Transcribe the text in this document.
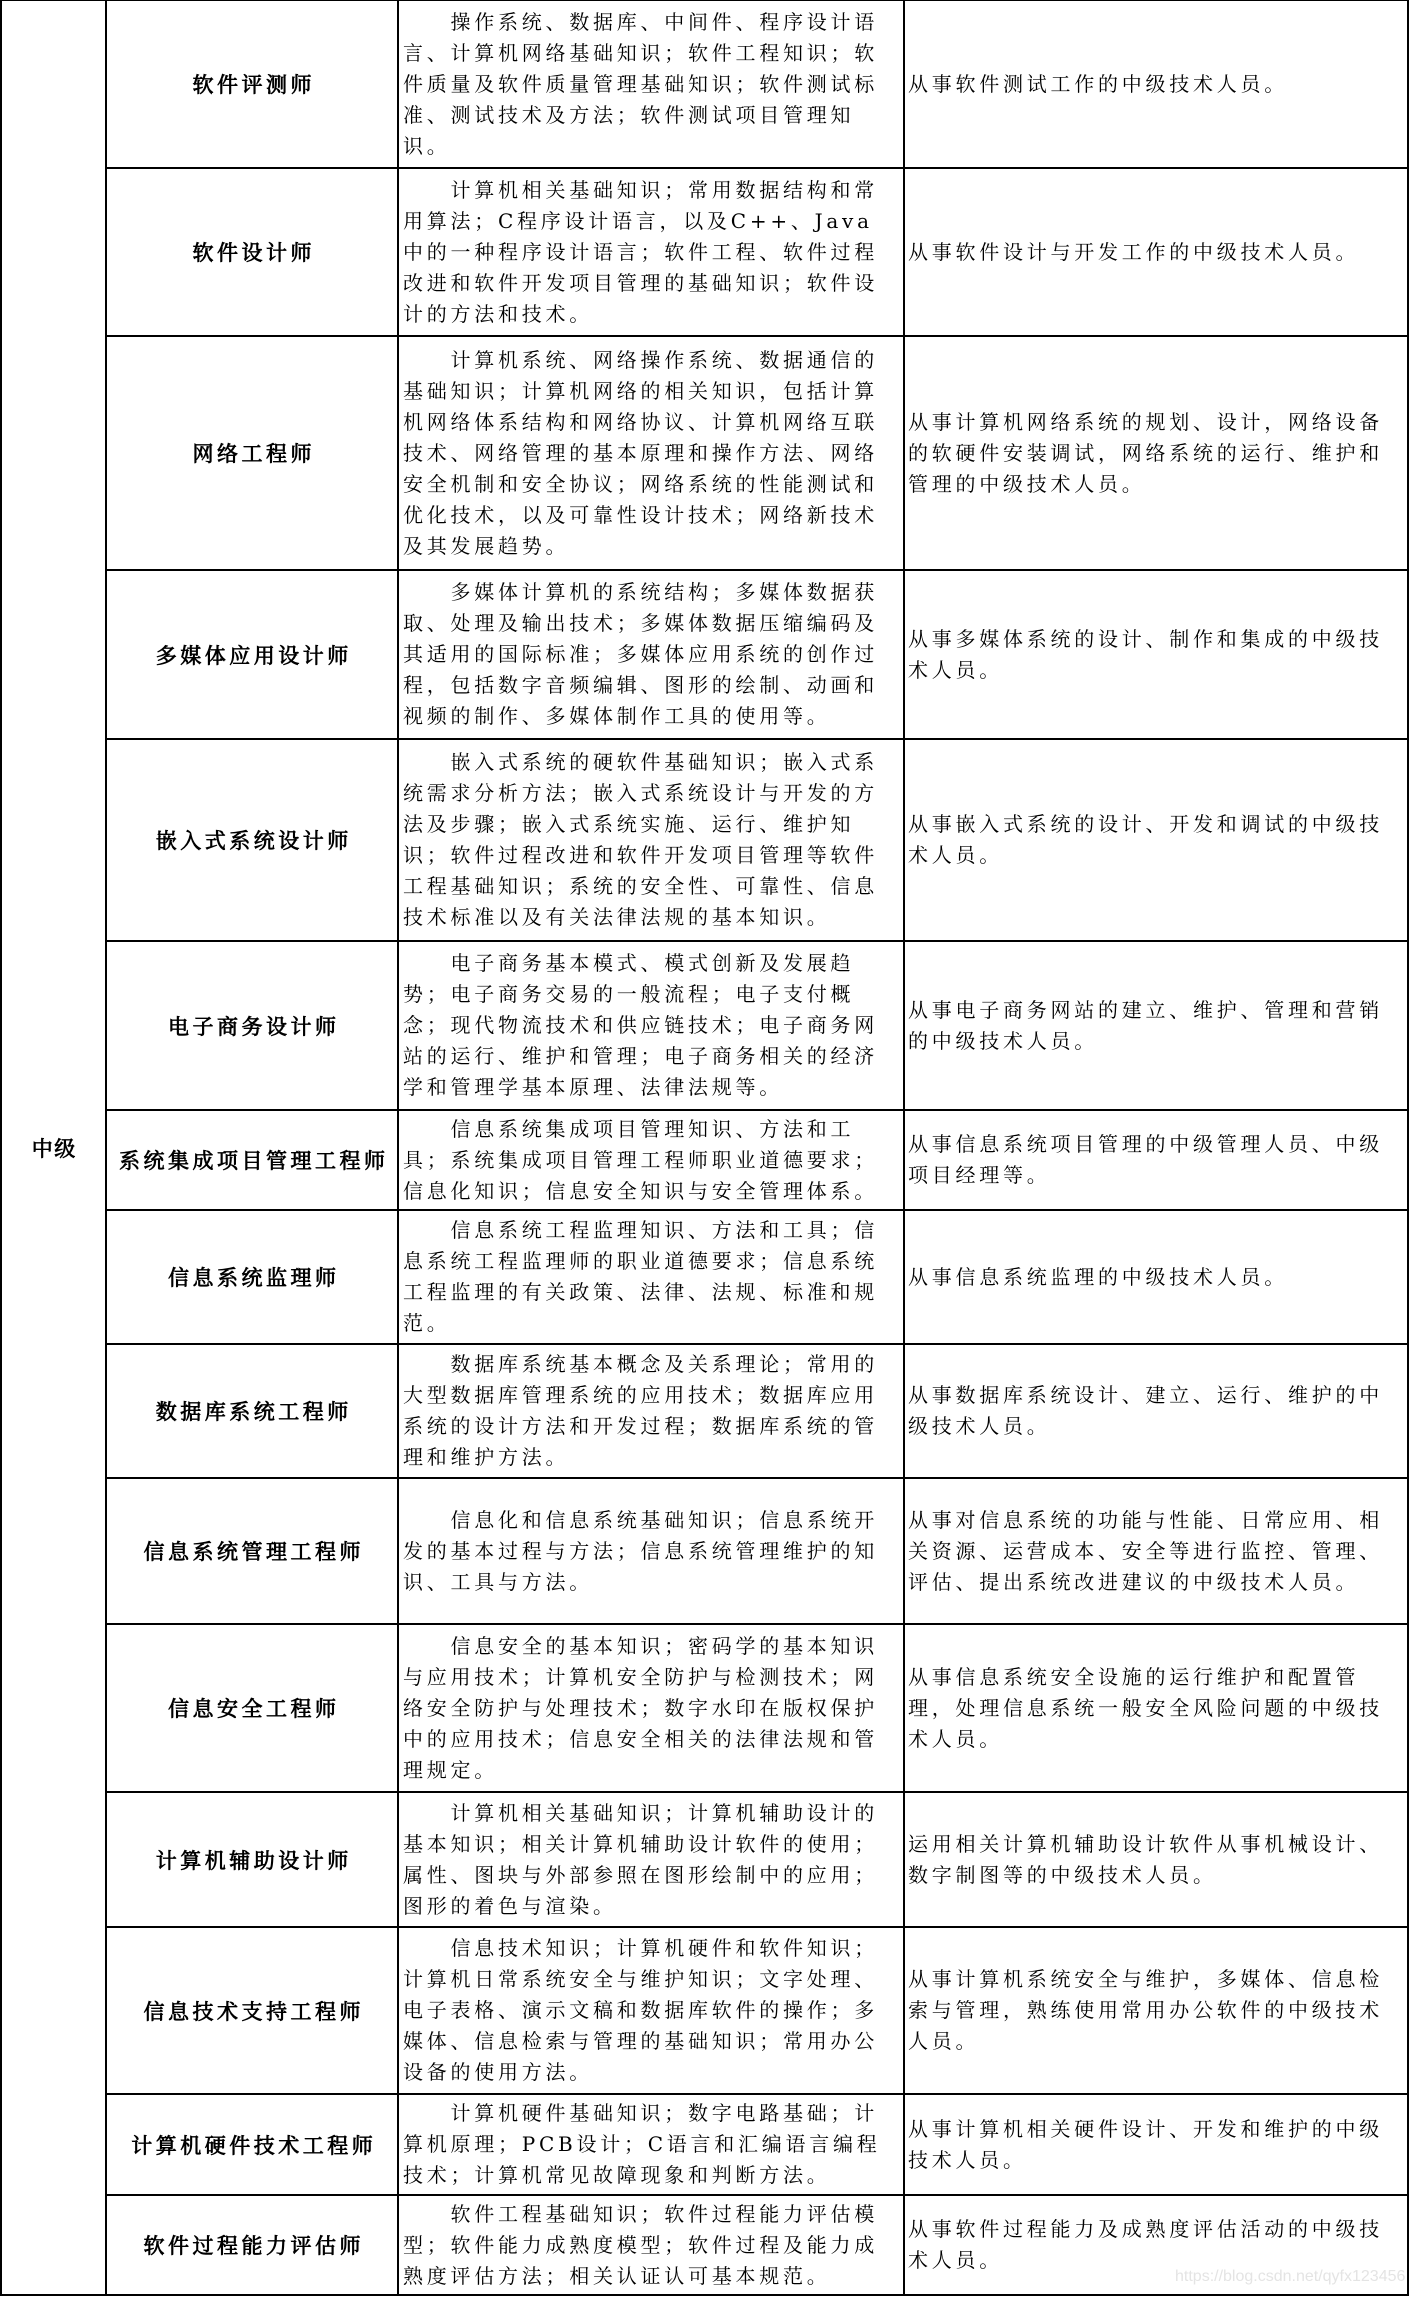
中级
软件评测师

操作系统、数据库、中间件、程序设计语言、计算机网络基础知识；软件工程知识；软件质量及软件质量管理基础知识；软件测试标准、测试技术及方法；软件测试项目管理知识。

从事软件测试工作的中级技术人员。

软件设计师

计算机相关基础知识；常用数据结构和常用算法；C程序设计语言，以及C++、Java中的一种程序设计语言；软件工程、软件过程改进和软件开发项目管理的基础知识；软件设计的方法和技术。

从事软件设计与开发工作的中级技术人员。

网络工程师

计算机系统、网络操作系统、数据通信的基础知识；计算机网络的相关知识，包括计算机网络体系结构和网络协议、计算机网络互联技术、网络管理的基本原理和操作方法、网络安全机制和安全协议；网络系统的性能测试和优化技术，以及可靠性设计技术；网络新技术及其发展趋势。

从事计算机网络系统的规划、设计，网络设备的软硬件安装调试，网络系统的运行、维护和管理的中级技术人员。

多媒体应用设计师

多媒体计算机的系统结构；多媒体数据获取、处理及输出技术；多媒体数据压缩编码及其适用的国际标准；多媒体应用系统的创作过程，包括数字音频编辑、图形的绘制、动画和视频的制作、多媒体制作工具的使用等。

从事多媒体系统的设计、制作和集成的中级技术人员。

嵌入式系统设计师

嵌入式系统的硬软件基础知识；嵌入式系统需求分析方法；嵌入式系统设计与开发的方法及步骤；嵌入式系统实施、运行、维护知识；软件过程改进和软件开发项目管理等软件工程基础知识；系统的安全性、可靠性、信息技术标准以及有关法律法规的基本知识。

从事嵌入式系统的设计、开发和调试的中级技术人员。

电子商务设计师

电子商务基本模式、模式创新及发展趋势；电子商务交易的一般流程；电子支付概念；现代物流技术和供应链技术；电子商务网站的运行、维护和管理；电子商务相关的经济学和管理学基本原理、法律法规等。

从事电子商务网站的建立、维护、管理和营销的中级技术人员。

系统集成项目管理工程师

信息系统集成项目管理知识、方法和工具；系统集成项目管理工程师职业道德要求；信息化知识；信息安全知识与安全管理体系。

从事信息系统项目管理的中级管理人员、中级项目经理等。

信息系统监理师

信息系统工程监理知识、方法和工具；信息系统工程监理师的职业道德要求；信息系统工程监理的有关政策、法律、法规、标准和规范。

从事信息系统监理的中级技术人员。

数据库系统工程师

数据库系统基本概念及关系理论；常用的大型数据库管理系统的应用技术；数据库应用系统的设计方法和开发过程；数据库系统的管理和维护方法。

从事数据库系统设计、建立、运行、维护的中级技术人员。

信息系统管理工程师

信息化和信息系统基础知识；信息系统开发的基本过程与方法；信息系统管理维护的知识、工具与方法。

从事对信息系统的功能与性能、日常应用、相关资源、运营成本、安全等进行监控、管理、评估、提出系统改进建议的中级技术人员。

信息安全工程师

信息安全的基本知识；密码学的基本知识与应用技术；计算机安全防护与检测技术；网络安全防护与处理技术；数字水印在版权保护中的应用技术；信息安全相关的法律法规和管理规定。

从事信息系统安全设施的运行维护和配置管理，处理信息系统一般安全风险问题的中级技术人员。

计算机辅助设计师

计算机相关基础知识；计算机辅助设计的基本知识；相关计算机辅助设计软件的使用；属性、图块与外部参照在图形绘制中的应用；图形的着色与渲染。

运用相关计算机辅助设计软件从事机械设计、数字制图等的中级技术人员。

信息技术支持工程师

信息技术知识；计算机硬件和软件知识；计算机日常系统安全与维护知识；文字处理、电子表格、演示文稿和数据库软件的操作；多媒体、信息检索与管理的基础知识；常用办公设备的使用方法。

从事计算机系统安全与维护，多媒体、信息检索与管理，熟练使用常用办公软件的中级技术人员。

计算机硬件技术工程师

计算机硬件基础知识；数字电路基础；计算机原理；PCB设计；C语言和汇编语言编程技术；计算机常见故障现象和判断方法。

从事计算机相关硬件设计、开发和维护的中级技术人员。

软件过程能力评估师

软件工程基础知识；软件过程能力评估模型；软件能力成熟度模型；软件过程及能力成熟度评估方法；相关认证认可基本规范。

从事软件过程能力及成熟度评估活动的中级技术人员。

https://blog.csdn.net/qyfx123456
